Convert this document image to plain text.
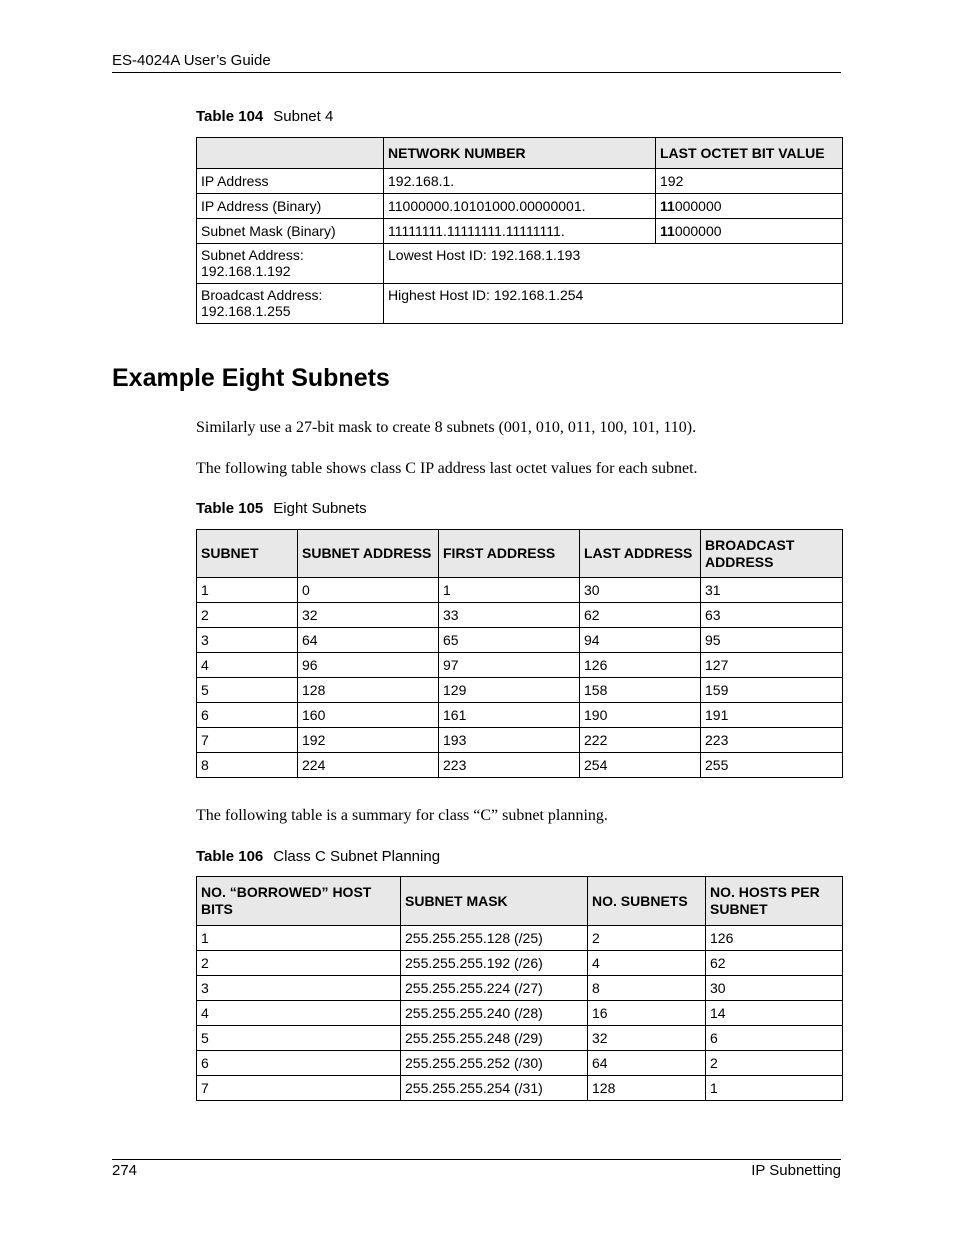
ES-4024A User’s Guide
Table 104 Subnet 4
	NETWORK NUMBER	LAST OCTET BIT VALUE
IP Address	192.168.1.	192
IP Address (Binary)	11000000.10101000.00000001.	11000000
Subnet Mask (Binary)	11111111.11111111.11111111.	11000000

Subnet Address:
192.168.1.192	Lowest Host ID: 192.168.1.193	

Broadcast Address:
192.168.1.255	Highest Host ID: 192.168.1.254	
Example Eight Subnets
Similarly use a 27-bit mask to create 8 subnets (001, 010, 011, 100, 101, 110).
The following table shows class C IP address last octet values for each subnet.
Table 105 Eight Subnets
SUBNET	SUBNET ADDRESS	FIRST ADDRESS	LAST ADDRESS	BROADCAST ADDRESS
1	0	1	30	31
2	32	33	62	63
3	64	65	94	95
4	96	97	126	127
5	128	129	158	159
6	160	161	190	191
7	192	193	222	223
8	224	223	254	255
The following table is a summary for class “C” subnet planning.
Table 106 Class C Subnet Planning
NO. “BORROWED” HOST BITS	SUBNET MASK	NO. SUBNETS	NO. HOSTS PER SUBNET
1	255.255.255.128 (/25)	2	126
2	255.255.255.192 (/26)	4	62
3	255.255.255.224 (/27)	8	30
4	255.255.255.240 (/28)	16	14
5	255.255.255.248 (/29)	32	6
6	255.255.255.252 (/30)	64	2
7	255.255.255.254 (/31)	128	1
274	IP Subnetting
